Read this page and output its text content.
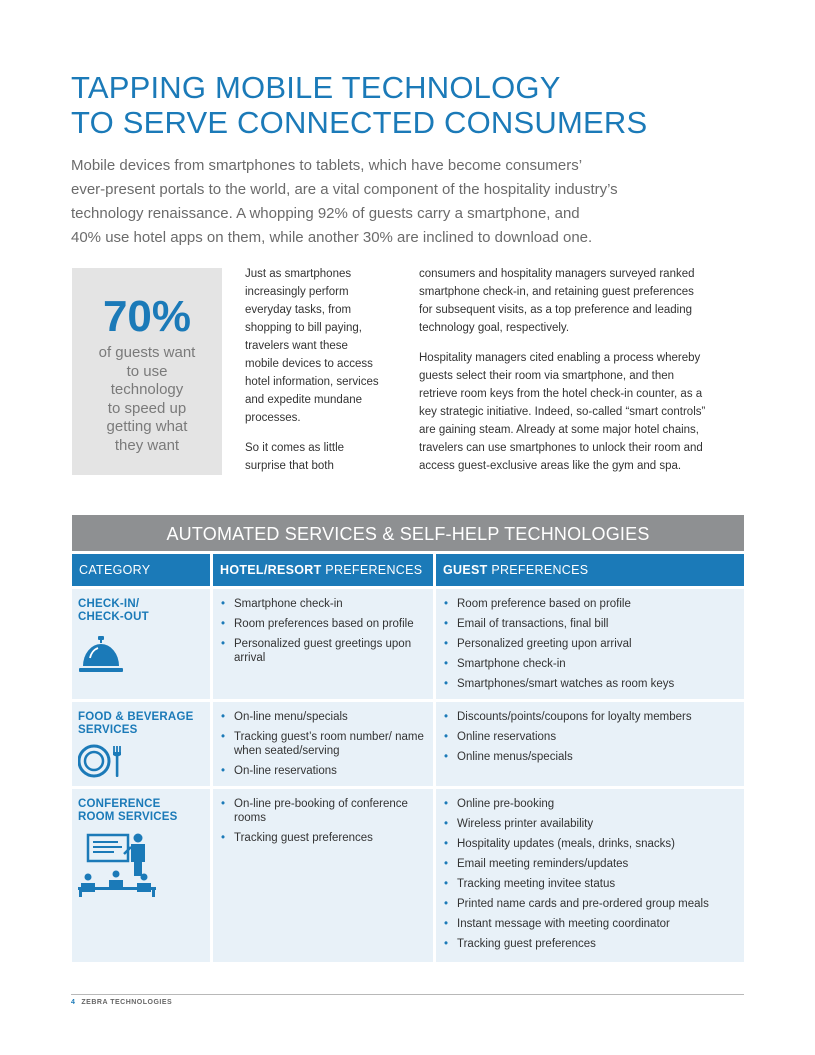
TAPPING MOBILE TECHNOLOGY
TO SERVE CONNECTED CONSUMERS

Mobile devices from smartphones to tablets, which have become consumers’
ever-present portals to the world, are a vital component of the hospitality industry’s
technology renaissance. A whopping 92% of guests carry a smartphone, and
40% use hotel apps on them, while another 30% are inclined to download one.

70%
of guests want
to use
technology
to speed up
getting what
they want
Just as smartphones
increasingly perform
everyday tasks, from
shopping to bill paying,
travelers want these
mobile devices to access
hotel information, services
and expedite mundane
processes.
So it comes as little
surprise that both
consumers and hospitality managers surveyed ranked
smartphone check-in, and retaining guest preferences
for subsequent visits, as a top preference and leading
technology goal, respectively.
Hospitality managers cited enabling a process whereby
guests select their room via smartphone, and then
retrieve room keys from the hotel check-in counter, as a
key strategic initiative. Indeed, so-called “smart controls”
are gaining steam. Already at some major hotel chains,
travelers can use smartphones to unlock their room and
access guest-exclusive areas like the gym and spa.
AUTOMATED SERVICES & SELF-HELP TECHNOLOGIES
CATEGORY	HOTEL/RESORT PREFERENCES	GUEST PREFERENCES
CHECK-IN/
CHECK-OUT
• Smartphone check-in
• Room preferences based on profile
• Personalized guest greetings upon arrival
• Room preference based on profile
• Email of transactions, final bill
• Personalized greeting upon arrival
• Smartphone check-in
• Smartphones/smart watches as room keys
FOOD & BEVERAGE
SERVICES
• On-line menu/specials
• Tracking guest’s room number/ name when seated/serving
• On-line reservations
• Discounts/points/coupons for loyalty members
• Online reservations
• Online menus/specials
CONFERENCE
ROOM SERVICES
• On-line pre-booking of conference rooms
• Tracking guest preferences
• Online pre-booking
• Wireless printer availability
• Hospitality updates (meals, drinks, snacks)
• Email meeting reminders/updates
• Tracking meeting invitee status
• Printed name cards and pre-ordered group meals
• Instant message with meeting coordinator
• Tracking guest preferences
4 ZEBRA TECHNOLOGIES
